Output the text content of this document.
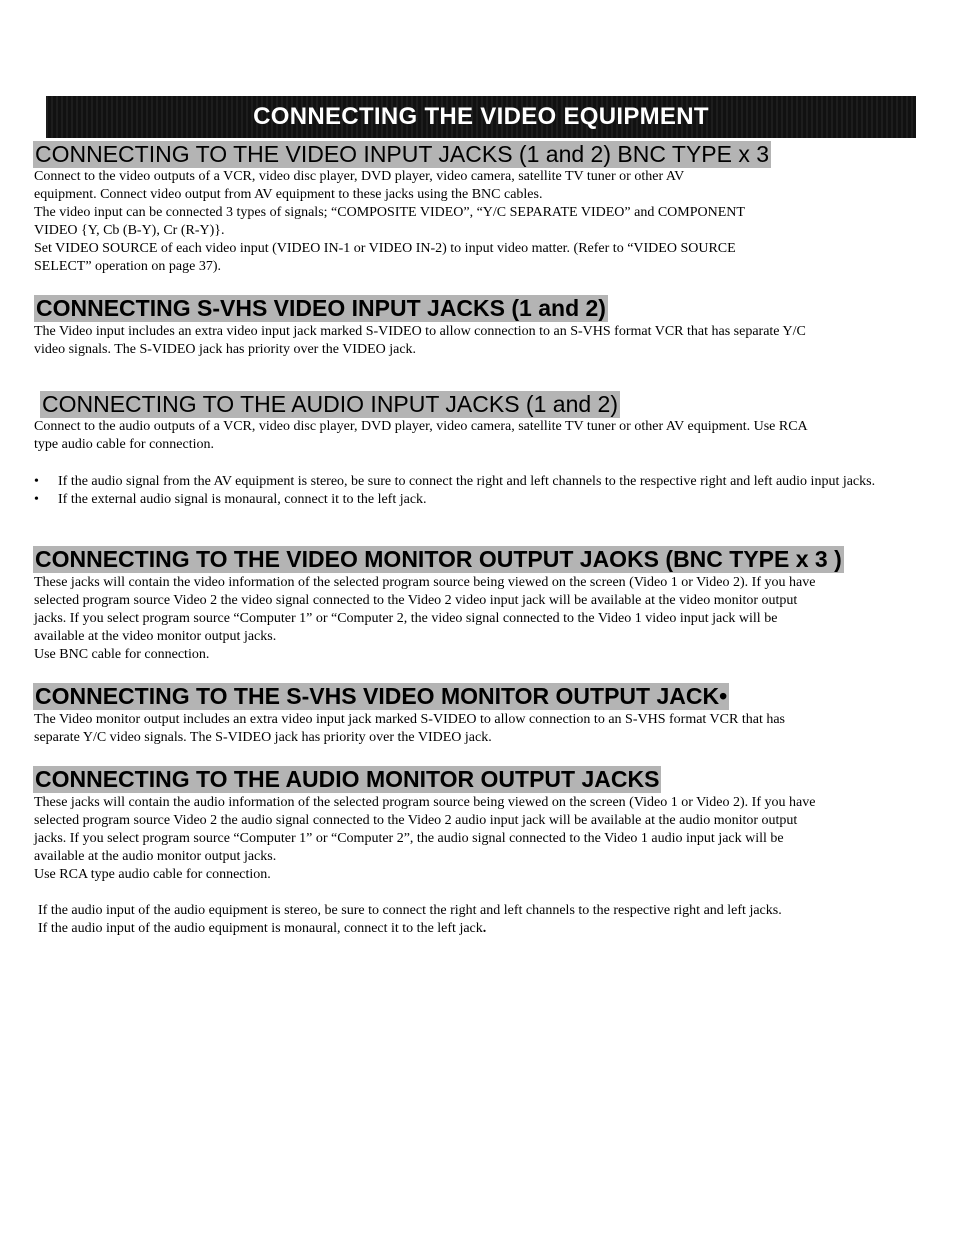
CONNECTING THE VIDEO EQUIPMENT
CONNECTING TO THE VIDEO INPUT JACKS (1 and 2) BNC TYPE x 3

Connect to the video outputs of a VCR, video disc player, DVD player, video camera, satellite TV tuner or other AV

equipment. Connect video output from AV equipment to these jacks using the BNC cables.

The video input can be connected 3 types of signals; “COMPOSITE VIDEO”, “Y/C SEPARATE VIDEO” and COMPONENT

VIDEO {Y, Cb (B-Y), Cr (R-Y)}.

Set VIDEO SOURCE of each video input (VIDEO IN-1 or VIDEO IN-2) to input video matter. (Refer to “VIDEO SOURCE

SELECT” operation on page 37).

CONNECTING S-VHS VIDEO INPUT JACKS (1 and 2)

The Video input includes an extra video input jack marked S-VIDEO to allow connection to an S-VHS format VCR that has separate Y/C

video signals. The S-VIDEO jack has priority over the VIDEO jack.

CONNECTING TO THE AUDIO INPUT JACKS (1 and 2)

Connect to the audio outputs of a VCR, video disc player, DVD player, video camera, satellite TV tuner or other AV equipment. Use RCA

type audio cable for connection.

•	If the audio signal from the AV equipment is stereo, be sure to connect the right and left channels to the respective right and left audio input jacks.
•	If the external audio signal is monaural, connect it to the left jack.
CONNECTING TO THE VIDEO MONITOR OUTPUT JAOKS (BNC TYPE x 3 )

These jacks will contain the video information of the selected program source being viewed on the screen (Video 1 or Video 2). If you have

selected program source Video 2 the video signal connected to the Video 2 video input jack will be available at the video monitor output

jacks. If you select program source “Computer 1” or “Computer 2, the video signal connected to the Video 1 video input jack will be

available at the video monitor output jacks.

Use BNC cable for connection.

CONNECTING TO THE S-VHS VIDEO MONITOR OUTPUT JACK•

The Video monitor output includes an extra video input jack marked S-VIDEO to allow connection to an S-VHS format VCR that has

separate Y/C video signals. The S-VIDEO jack has priority over the VIDEO jack.

CONNECTING TO THE AUDIO MONITOR OUTPUT JACKS

These jacks will contain the audio information of the selected program source being viewed on the screen (Video 1 or Video 2). If you have

selected program source Video 2 the audio signal connected to the Video 2 audio input jack will be available at the audio monitor output

jacks. If you select program source “Computer 1” or “Computer 2”, the audio signal connected to the Video 1 audio input jack will be

available at the audio monitor output jacks.

Use RCA type audio cable for connection.

If the audio input of the audio equipment is stereo, be sure to connect the right and left channels to the respective right and left jacks.

If the audio input of the audio equipment is monaural, connect it to the left jack.
